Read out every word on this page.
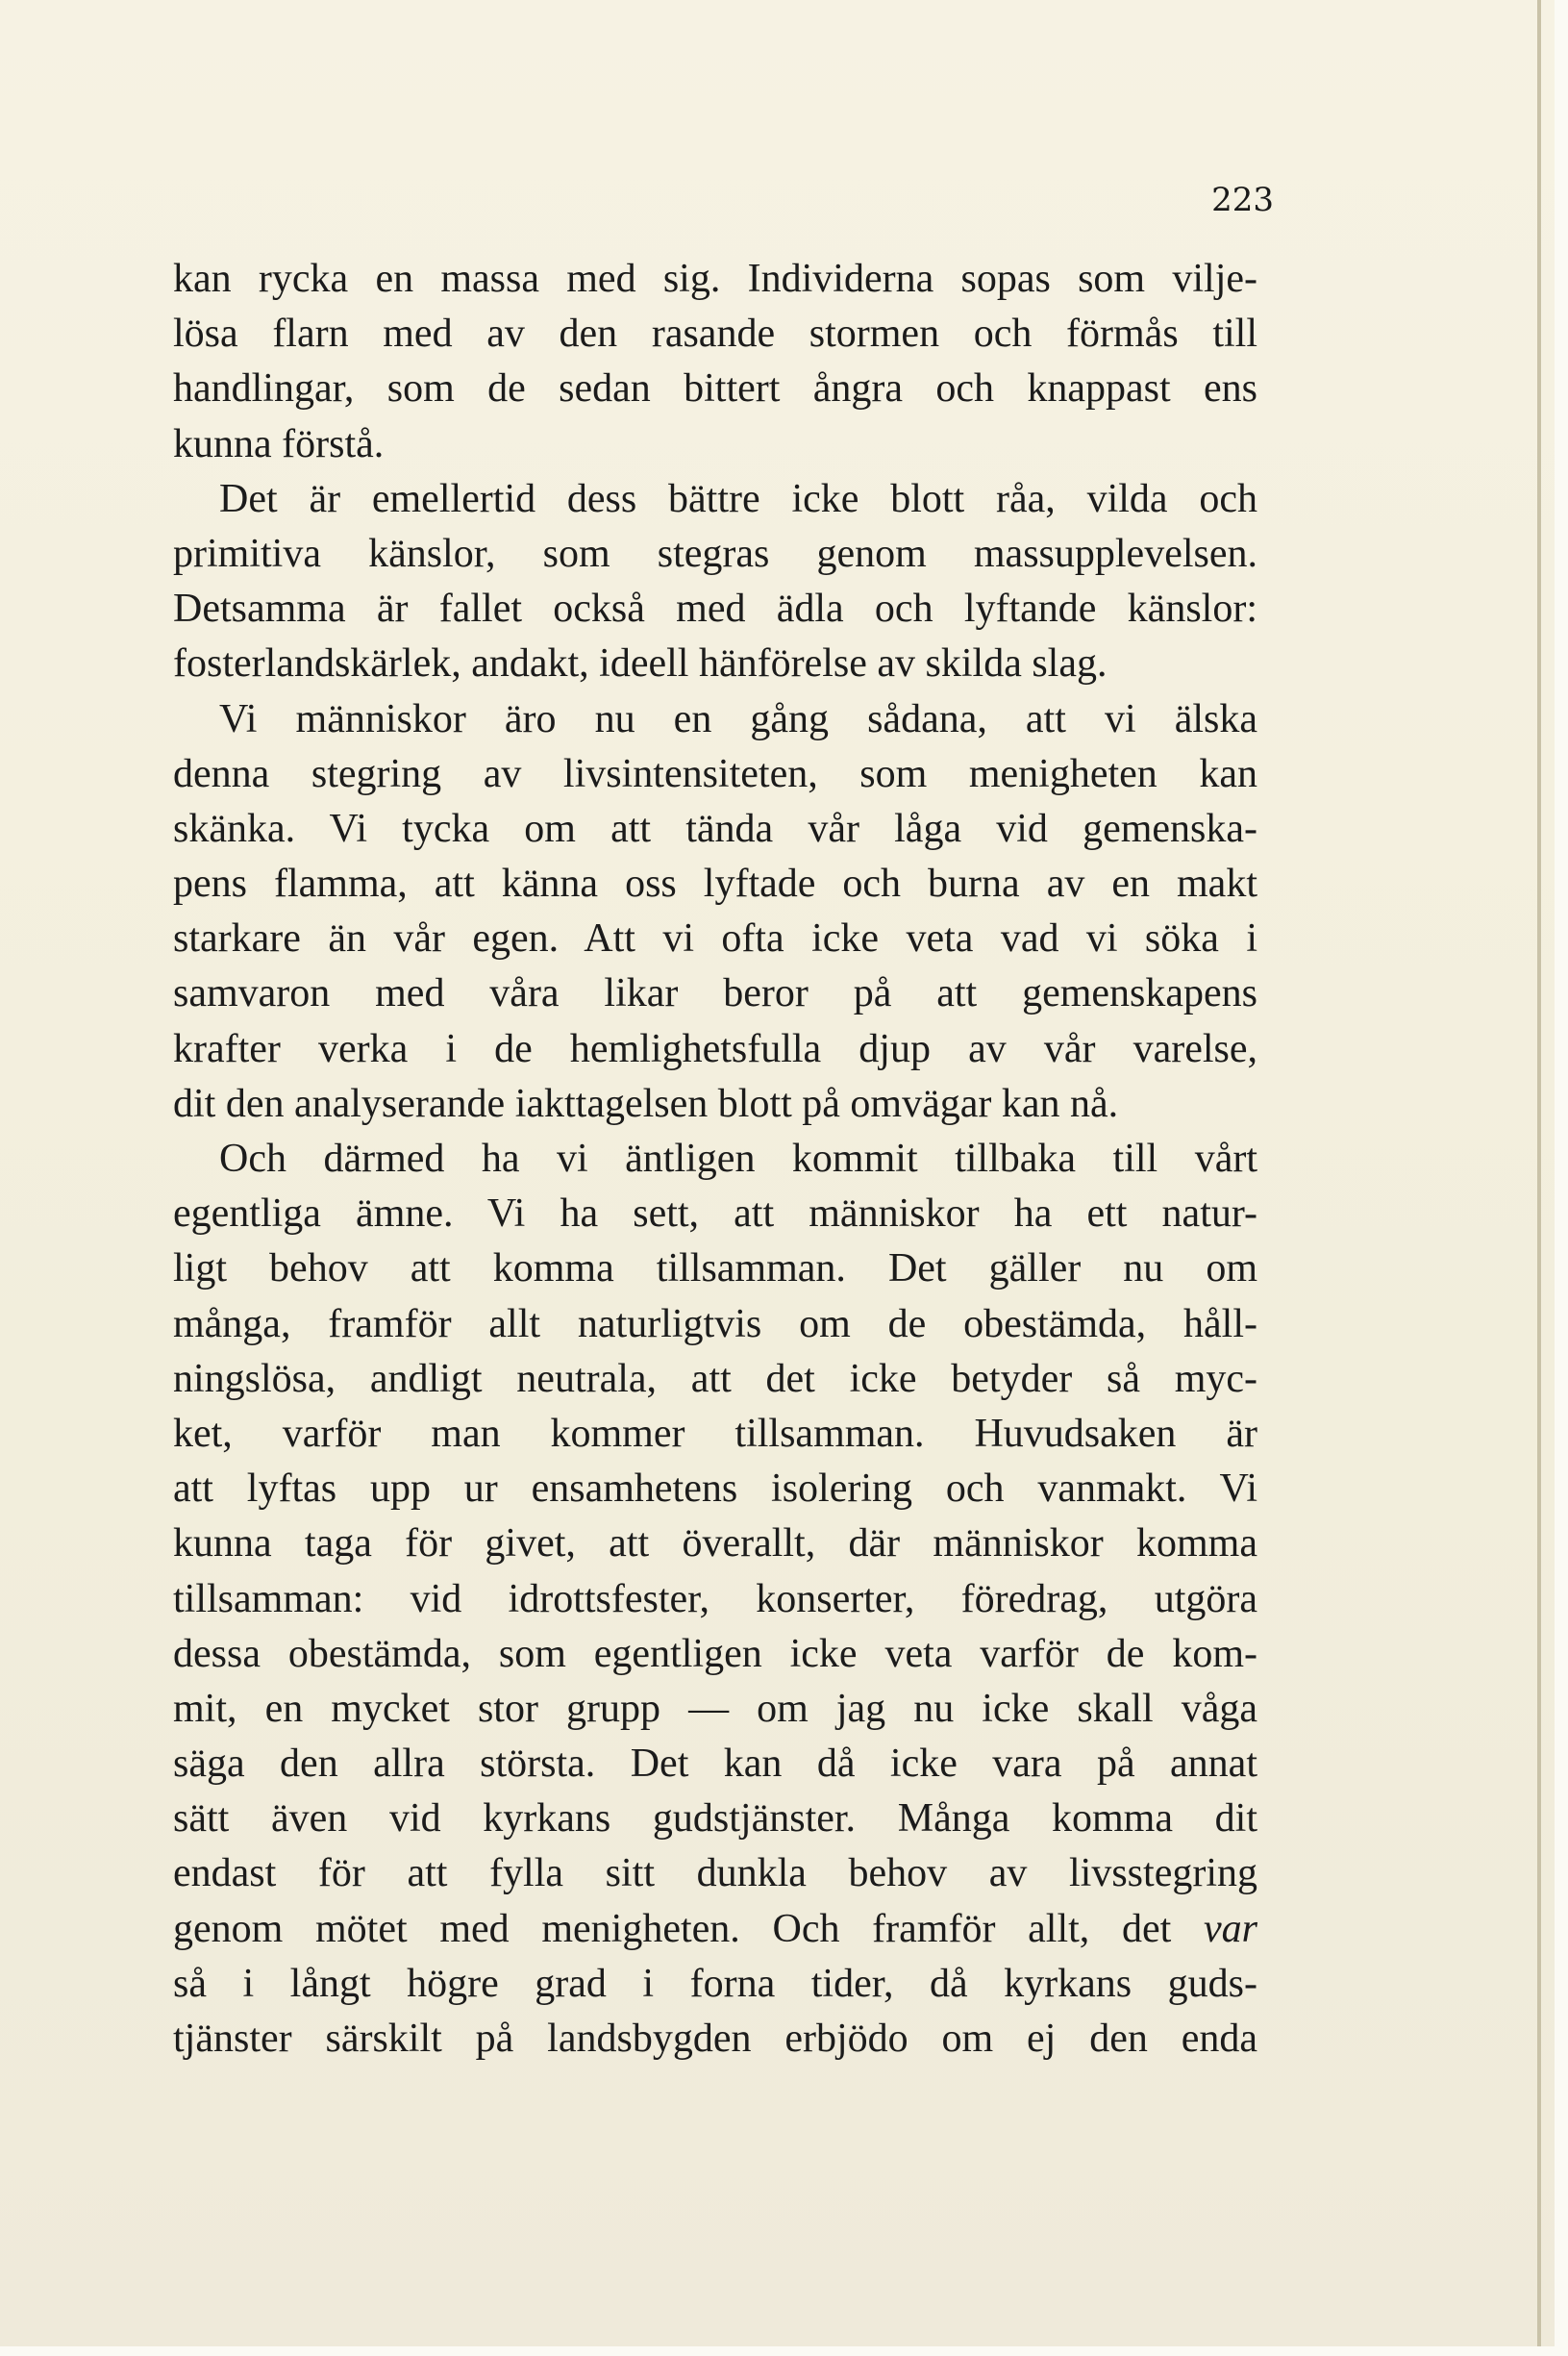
223
kan rycka en massa med sig. Individerna sopas som vilje-
lösa flarn med av den rasande stormen och förmås till
handlingar, som de sedan bittert ångra och knappast ens
kunna förstå.
Det är emellertid dess bättre icke blott råa, vilda och
primitiva känslor, som stegras genom massupplevelsen.
Detsamma är fallet också med ädla och lyftande känslor:
fosterlandskärlek, andakt, ideell hänförelse av skilda slag.
Vi människor äro nu en gång sådana, att vi älska
denna stegring av livsintensiteten, som menigheten kan
skänka. Vi tycka om att tända vår låga vid gemenska-
pens flamma, att känna oss lyftade och burna av en makt
starkare än vår egen. Att vi ofta icke veta vad vi söka i
samvaron med våra likar beror på att gemenskapens
krafter verka i de hemlighetsfulla djup av vår varelse,
dit den analyserande iakttagelsen blott på omvägar kan nå.
Och därmed ha vi äntligen kommit tillbaka till vårt
egentliga ämne. Vi ha sett, att människor ha ett natur-
ligt behov att komma tillsamman. Det gäller nu om
många, framför allt naturligtvis om de obestämda, håll-
ningslösa, andligt neutrala, att det icke betyder så myc-
ket, varför man kommer tillsamman. Huvudsaken är
att lyftas upp ur ensamhetens isolering och vanmakt. Vi
kunna taga för givet, att överallt, där människor komma
tillsamman: vid idrottsfester, konserter, föredrag, utgöra
dessa obestämda, som egentligen icke veta varför de kom-
mit, en mycket stor grupp — om jag nu icke skall våga
säga den allra största. Det kan då icke vara på annat
sätt även vid kyrkans gudstjänster. Många komma dit
endast för att fylla sitt dunkla behov av livsstegring
genom mötet med menigheten. Och framför allt, det var
så i långt högre grad i forna tider, då kyrkans guds-
tjänster särskilt på landsbygden erbjödo om ej den enda
